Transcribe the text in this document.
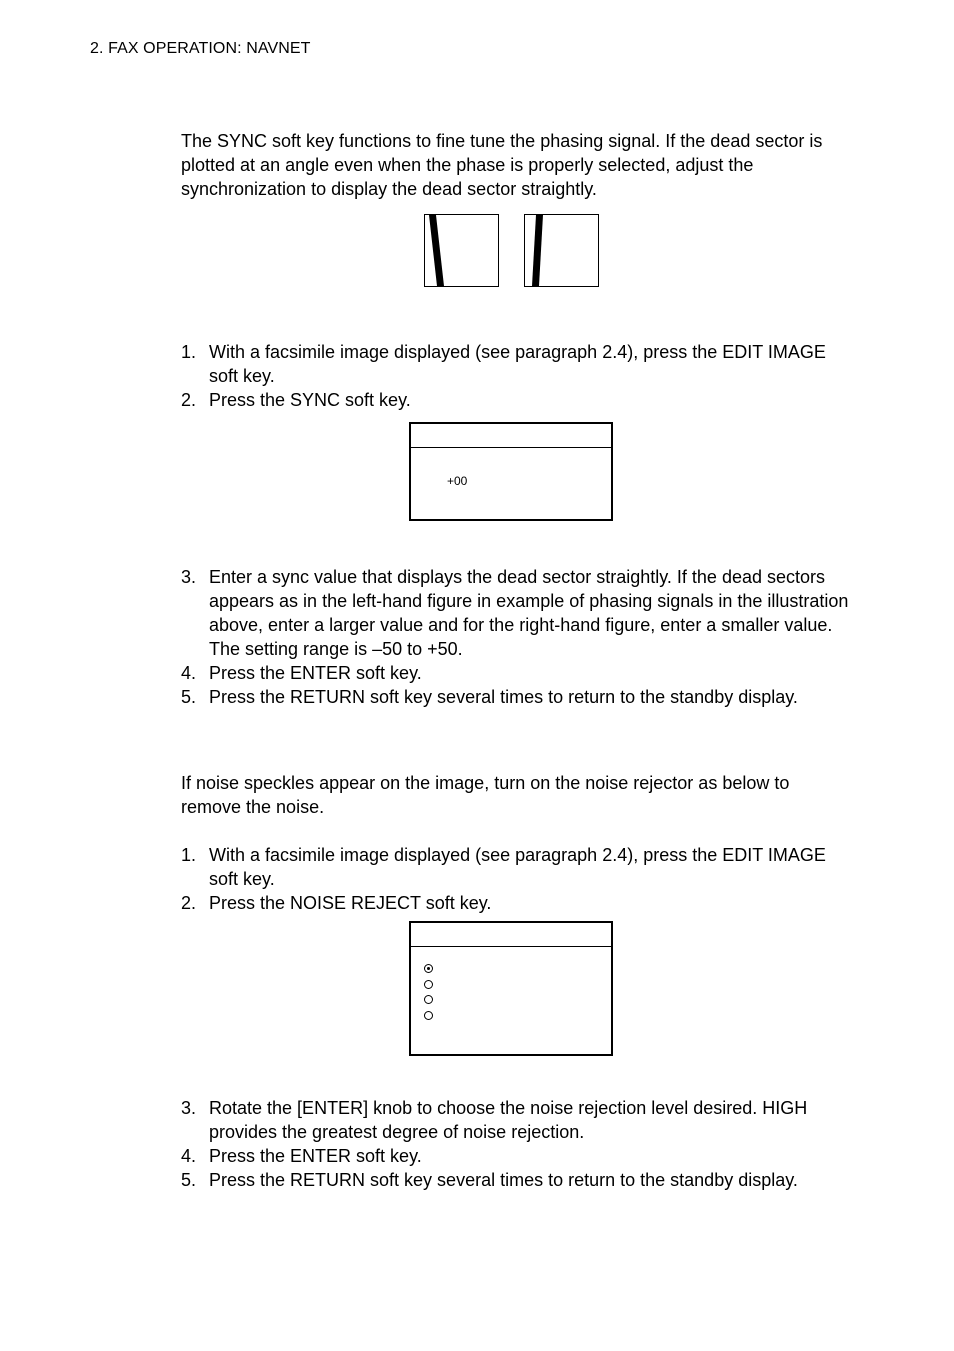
2. FAX OPERATION: NAVNET
The SYNC soft key functions to fine tune the phasing signal. If the dead sector is plotted at an angle even when the phase is properly selected, adjust the synchronization to display the dead sector straightly.
1. With a facsimile image displayed (see paragraph 2.4), press the EDIT IMAGE soft key.
2. Press the SYNC soft key.
+00
3. Enter a sync value that displays the dead sector straightly. If the dead sectors appears as in the left-hand figure in example of phasing signals in the illustration above, enter a larger value and for the right-hand figure, enter a smaller value. The setting range is –50 to +50.
4. Press the ENTER soft key.
5. Press the RETURN soft key several times to return to the standby display.
If noise speckles appear on the image, turn on the noise rejector as below to remove the noise.
1. With a facsimile image displayed (see paragraph 2.4), press the EDIT IMAGE soft key.
2. Press the NOISE REJECT soft key.
3. Rotate the [ENTER] knob to choose the noise rejection level desired. HIGH provides the greatest degree of noise rejection.
4. Press the ENTER soft key.
5. Press the RETURN soft key several times to return to the standby display.
